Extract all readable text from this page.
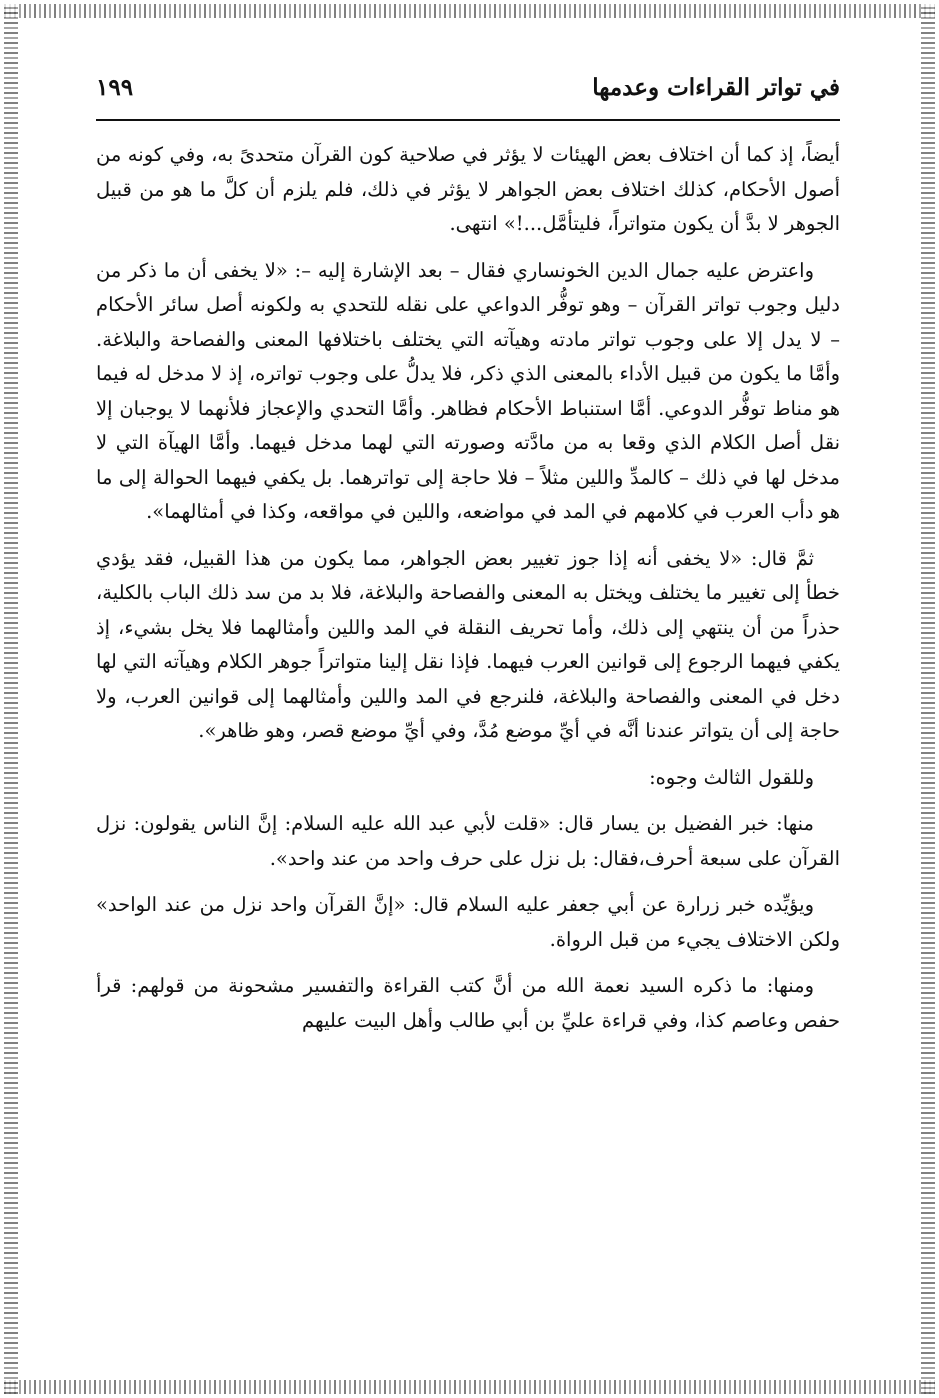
في تواتر القراءات وعدمها
١٩٩

أيضاً، إذ كما أن اختلاف بعض الهيئات لا يؤثر في صلاحية كون القرآن متحدىً به، وفي كونه من أصول الأحكام، كذلك اختلاف بعض الجواهر لا يؤثر في ذلك، فلم يلزم أن كلَّ ما هو من قبيل الجوهر لا بدَّ أن يكون متواتراً، فليتأمَّل...!» انتهى.

واعترض عليه جمال الدين الخونساري فقال – بعد الإشارة إليه –: «لا يخفى أن ما ذكر من دليل وجوب تواتر القرآن – وهو توفُّر الدواعي على نقله للتحدي به ولكونه أصل سائر الأحكام – لا يدل إلا على وجوب تواتر مادته وهيآته التي يختلف باختلافها المعنى والفصاحة والبلاغة. وأمَّا ما يكون من قبيل الأداء بالمعنى الذي ذكر، فلا يدلُّ على وجوب تواتره، إذ لا مدخل له فيما هو مناط توفُّر الدوعي. أمَّا استنباط الأحكام فظاهر. وأمَّا التحدي والإعجاز فلأنهما لا يوجبان إلا نقل أصل الكلام الذي وقعا به من مادَّته وصورته التي لهما مدخل فيهما. وأمَّا الهيآة التي لا مدخل لها في ذلك – كالمدِّ واللين مثلاً – فلا حاجة إلى تواترهما. بل يكفي فيهما الحوالة إلى ما هو دأب العرب في كلامهم في المد في مواضعه، واللين في مواقعه، وكذا في أمثالهما».

ثمَّ قال: «لا يخفى أنه إذا جوز تغيير بعض الجواهر، مما يكون من هذا القبيل، فقد يؤدي خطأ إلى تغيير ما يختلف ويختل به المعنى والفصاحة والبلاغة، فلا بد من سد ذلك الباب بالكلية، حذراً من أن ينتهي إلى ذلك، وأما تحريف النقلة في المد واللين وأمثالهما فلا يخل بشيء، إذ يكفي فيهما الرجوع إلى قوانين العرب فيهما. فإذا نقل إلينا متواتراً جوهر الكلام وهيآته التي لها دخل في المعنى والفصاحة والبلاغة، فلنرجع في المد واللين وأمثالهما إلى قوانين العرب، ولا حاجة إلى أن يتواتر عندنا أنَّه في أيِّ موضع مُدَّ، وفي أيِّ موضع قصر، وهو ظاهر».

وللقول الثالث وجوه:

منها: خبر الفضيل بن يسار قال: «قلت لأبي عبد الله عليه السلام: إنَّ الناس يقولون: نزل القرآن على سبعة أحرف،فقال: بل نزل على حرف واحد من عند واحد».

ويؤيِّده خبر زرارة عن أبي جعفر عليه السلام قال: «إنَّ القرآن واحد نزل من عند الواحد» ولكن الاختلاف يجيء من قبل الرواة.

ومنها: ما ذكره السيد نعمة الله من أنَّ كتب القراءة والتفسير مشحونة من قولهم: قرأ حفص وعاصم كذا، وفي قراءة عليِّ بن أبي طالب وأهل البيت عليهم
